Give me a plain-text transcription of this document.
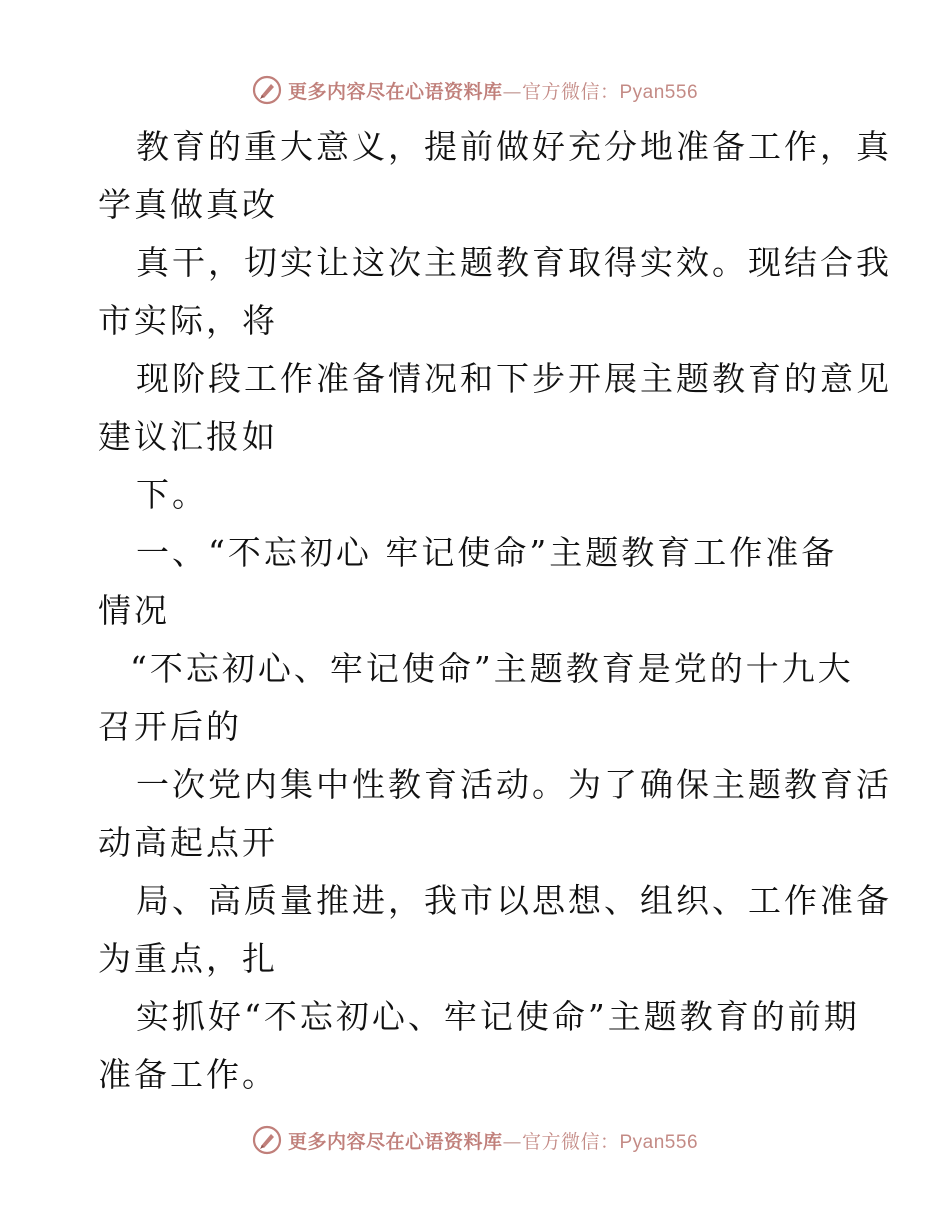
更多内容尽在心语资料库—官方微信：Pyan556
教育的重大意义，提前做好充分地准备工作，真
学真做真改
真干，切实让这次主题教育取得实效。现结合我
市实际，将
现阶段工作准备情况和下步开展主题教育的意见
建议汇报如
下。
一、“不忘初心 牢记使命”主题教育工作准备
情况
“不忘初心、牢记使命”主题教育是党的十九大
召开后的
一次党内集中性教育活动。为了确保主题教育活
动高起点开
局、高质量推进，我市以思想、组织、工作准备
为重点，扎
实抓好“不忘初心、牢记使命”主题教育的前期
准备工作。
更多内容尽在心语资料库—官方微信：Pyan556
